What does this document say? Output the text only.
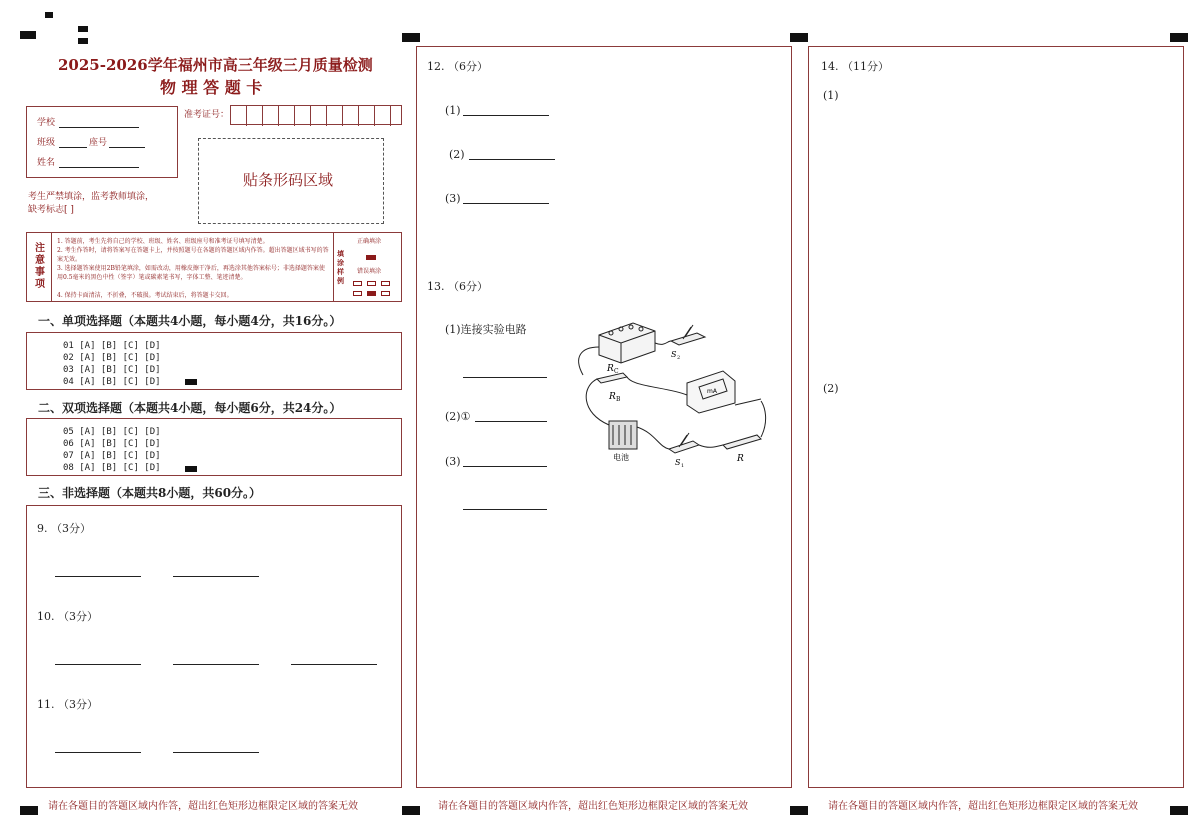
2025-2026学年福州市高三年级三月质量检测
物 理 答 题 卡
学校
班级	座号
姓名
准考证号：
贴条形码区域
考生严禁填涂，监考教师填涂，
缺考标志[ ]
注意事项
1. 答题前，考生先将自己的学校、班级、姓名、班级座号和准考证号填写清楚。
2. 考生作答时，请将答案写在答题卡上，并按照题号在各题的答题区域内作答。超出答题区域书写的答案无效。
3. 选择题答案使用2B铅笔填涂，如需改动，用橡皮擦干净后，再选涂其他答案标号；非选择题答案使用0.5毫米的黑色中性（签字）笔或碳素笔书写，字体工整、笔迹清楚。
4. 保持卡面清洁，不折叠，不破损。考试结束后，将答题卡交回。
填涂样例
正确填涂
错误填涂
一、单项选择题（本题共4小题，每小题4分，共16分。）
01 [A] [B] [C] [D]
02 [A] [B] [C] [D]
03 [A] [B] [C] [D]
04 [A] [B] [C] [D]
二、双项选择题（本题共4小题，每小题6分，共24分。）
05 [A] [B] [C] [D]
06 [A] [B] [C] [D]
07 [A] [B] [C] [D]
08 [A] [B] [C] [D]
三、非选择题（本题共8小题，共60分。）
9. （3分）
10. （3分）
11. （3分）
请在各题目的答题区域内作答，超出红色矩形边框限定区域的答案无效
12. （6分）
(1)
(2)
(3)
13. （6分）
(1)连接实验电路
(2)①
(3)
R C
R B
S 2
mA
电池
S 1
R
请在各题目的答题区域内作答，超出红色矩形边框限定区域的答案无效
14. （11分）
(1)
(2)
请在各题目的答题区域内作答，超出红色矩形边框限定区域的答案无效
